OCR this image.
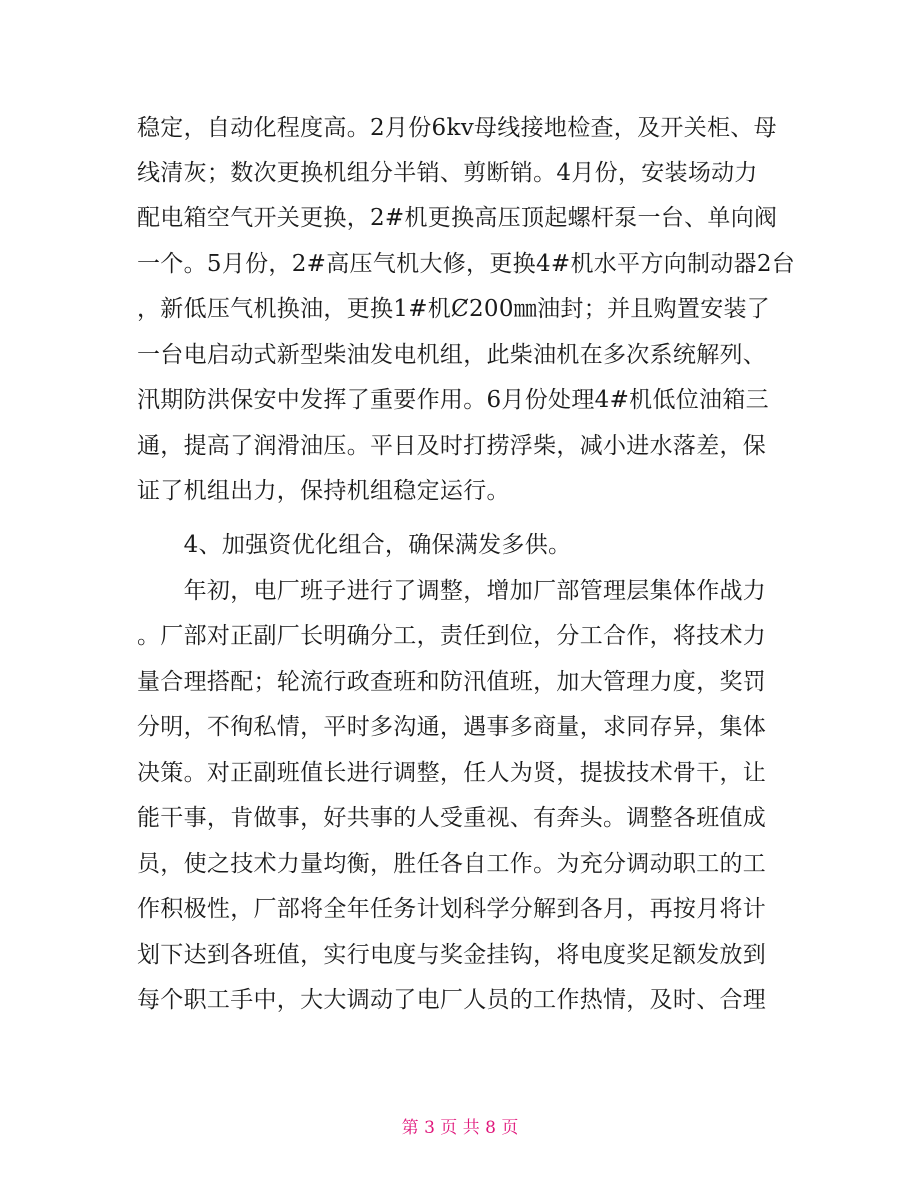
稳定，自动化程度高。2月份6kv母线接地检查，及开关柜、母
线清灰；数次更换机组分半销、剪断销。4月份，安装场动力
配电箱空气开关更换，2#机更换高压顶起螺杆泵一台、单向阀
一个。5月份，2#高压气机大修，更换4#机水平方向制动器2台
，新低压气机换油，更换1#机Ȼ200㎜油封；并且购置安装了
一台电启动式新型柴油发电机组，此柴油机在多次系统解列、
汛期防洪保安中发挥了重要作用。6月份处理4#机低位油箱三
通，提高了润滑油压。平日及时打捞浮柴，减小进水落差，保
证了机组出力，保持机组稳定运行。
　　4、加强资优化组合，确保满发多供。
　　年初，电厂班子进行了调整，增加厂部管理层集体作战力
。厂部对正副厂长明确分工，责任到位，分工合作，将技术力
量合理搭配；轮流行政查班和防汛值班，加大管理力度，奖罚
分明，不徇私情，平时多沟通，遇事多商量，求同存异，集体
决策。对正副班值长进行调整，任人为贤，提拔技术骨干，让
能干事，肯做事，好共事的人受重视、有奔头。调整各班值成
员，使之技术力量均衡，胜任各自工作。为充分调动职工的工
作积极性，厂部将全年任务计划科学分解到各月，再按月将计
划下达到各班值，实行电度与奖金挂钩，将电度奖足额发放到
每个职工手中，大大调动了电厂人员的工作热情，及时、合理
第 3 页 共 8 页
